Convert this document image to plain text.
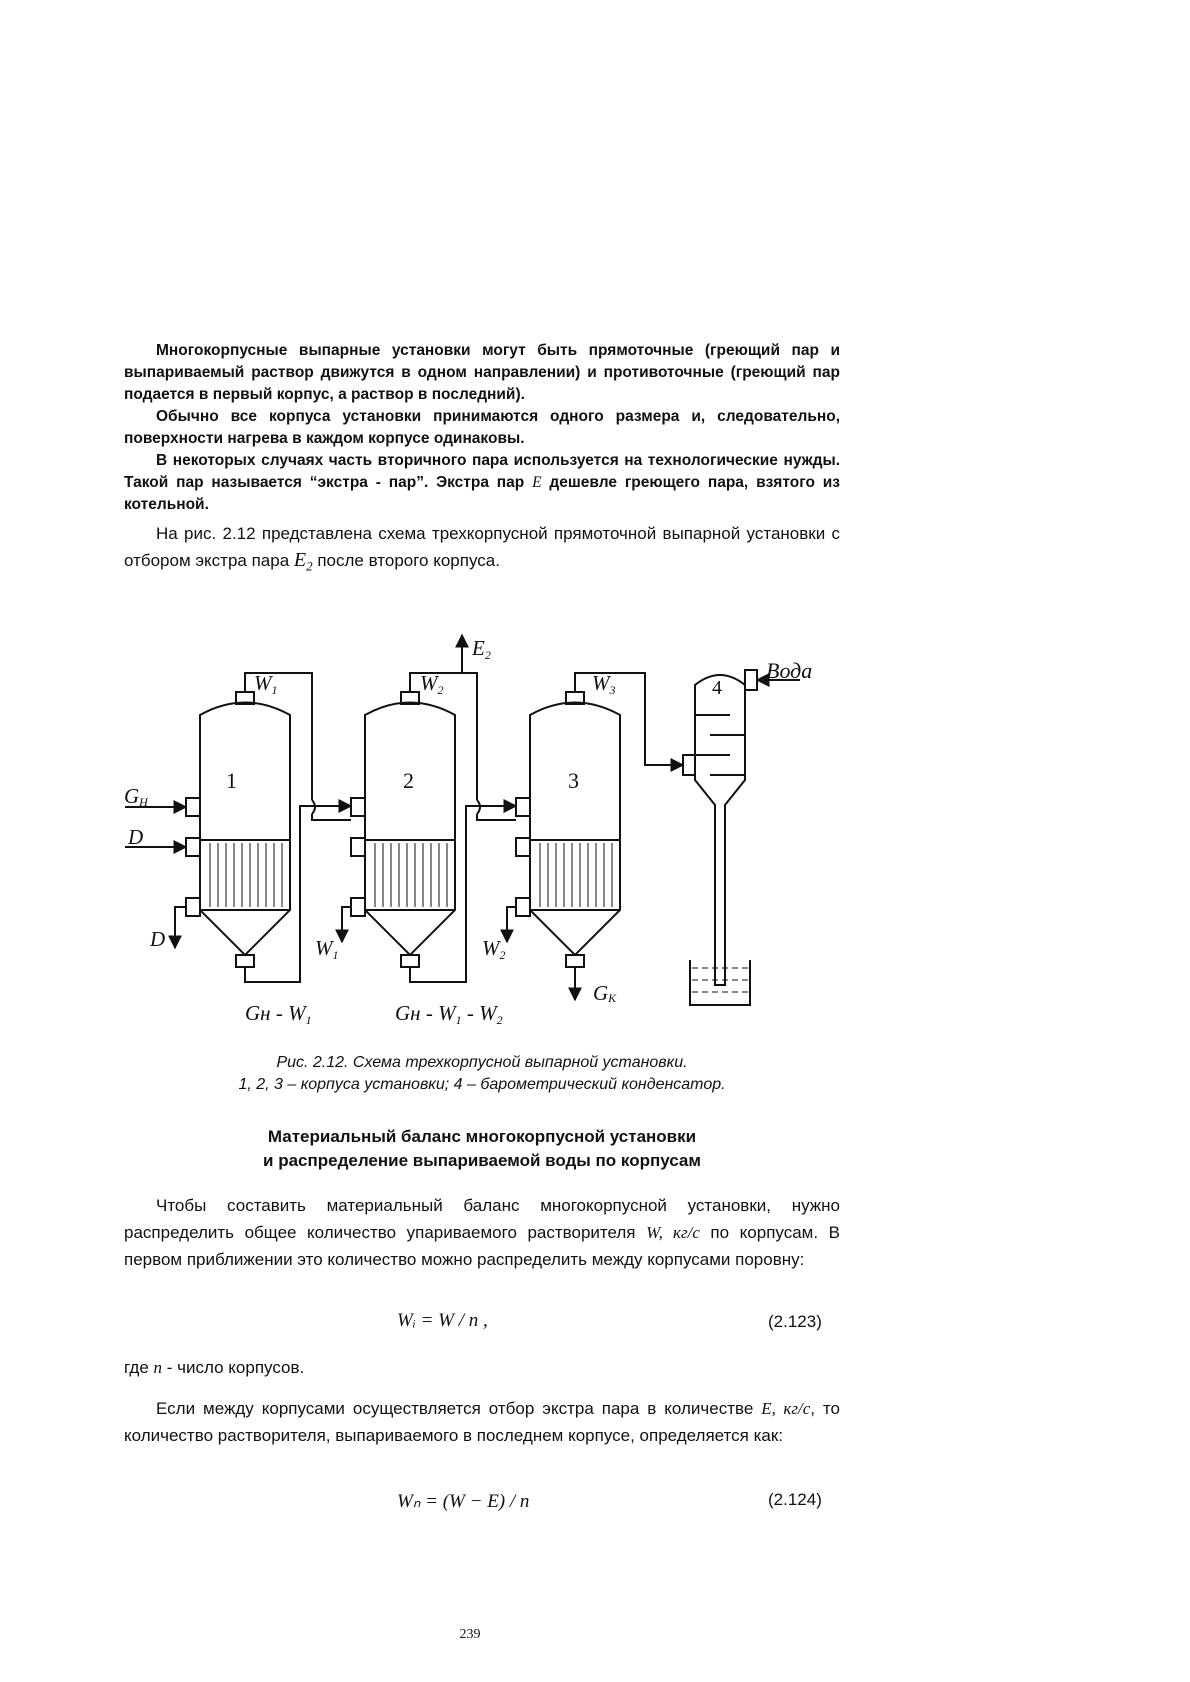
Многокорпусные выпарные установки могут быть прямоточные (греющий пар и выпариваемый раствор движутся в одном направлении) и противоточные (греющий пар подается в первый корпус, а раствор в последний).

Обычно все корпуса установки принимаются одного размера и, следовательно, поверхности нагрева в каждом корпусе одинаковы.

В некоторых случаях часть вторичного пара используется на технологические нужды. Такой пар называется “экстра - пар”. Экстра пар E дешевле греющего пара, взятого из котельной.

На рис. 2.12 представлена схема трехкорпусной прямоточной выпарной установки с отбором экстра пара $E_2$ после второго корпуса.

1	2	3
4
W1	W2	W3
E2
Вода
GН
D
D	W1	W2
GК
Gн - W1	Gн - W1 - W2
Рис. 2.12. Схема трехкорпусной выпарной установки.
1, 2, 3 – корпуса установки; 4 – барометрический конденсатор.
Материальный баланс многокорпусной установки
и распределение выпариваемой воды по корпусам

Чтобы составить материальный баланс многокорпусной установки, нужно распределить общее количество упариваемого растворителя W, кг/с по корпусам. В первом приближении это количество можно распределить между корпусами поровну:

Wᵢ = W / n ,	(2.123)
где n - число корпусов.

Если между корпусами осуществляется отбор экстра пара в количестве E, кг/с, то количество растворителя, выпариваемого в последнем корпусе, определяется как:

Wₙ = (W − E) / n	(2.124)
239
